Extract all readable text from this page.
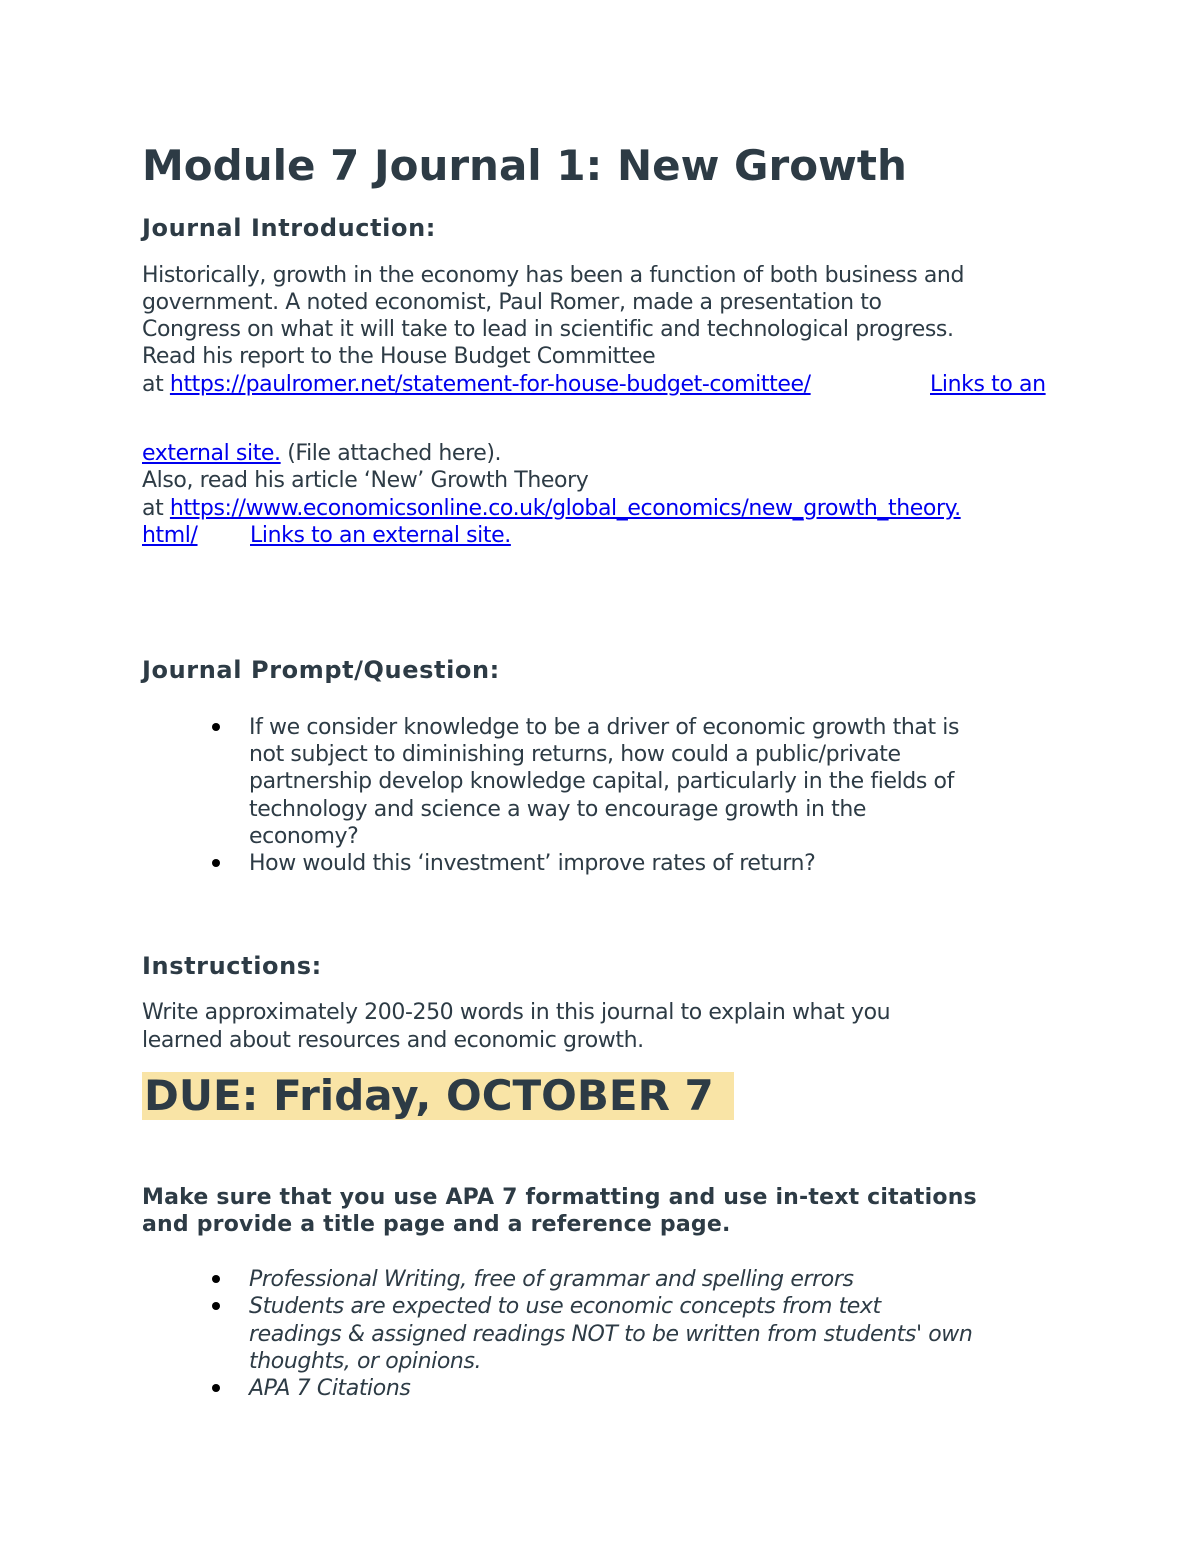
Module 7 Journal 1: New Growth
Journal Introduction:
Historically, growth in the economy has been a function of both business and
government. A noted economist, Paul Romer, made a presentation to
Congress on what it will take to lead in scientific and technological progress.
Read his report to the House Budget Committee
at https://paulromer.net/statement-for-house-budget-comittee/	Links to an
external site. (File attached here).
Also, read his article ‘New’ Growth Theory
at https://www.economicsonline.co.uk/global_economics/new_growth_theory.
html/ Links to an external site.
Journal Prompt/Question:
If we consider knowledge to be a driver of economic growth that is
not subject to diminishing returns, how could a public/private
partnership develop knowledge capital, particularly in the fields of
technology and science a way to encourage growth in the
economy?
How would this ‘investment’ improve rates of return?
Instructions:
Write approximately 200-250 words in this journal to explain what you
learned about resources and economic growth.
DUE: Friday, OCTOBER 7
Make sure that you use APA 7 formatting and use in-text citations
and provide a title page and a reference page.
Professional Writing, free of grammar and spelling errors
Students are expected to use economic concepts from text
readings & assigned readings NOT to be written from students' own
thoughts, or opinions.
APA 7 Citations
